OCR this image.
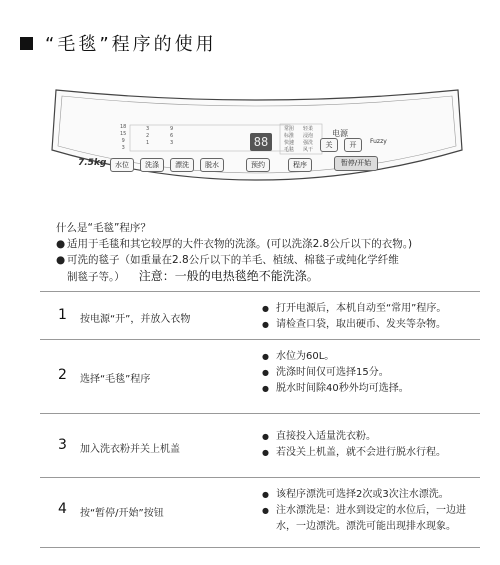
“毛毯”程序的使用
18
15
9
3
3
2
1
9
6
3	88
常用
标准
快速
毛毯
轻柔
浸泡
强洗
风干
电源
关	开	Fuzzy
7.5kg	水位	洗涤	漂洗	脱水	预约	程序	暂停/开始
什么是“毛毯”程序？
● 适用于毛毯和其它较厚的大件衣物的洗涤。(可以洗涤2.8公斤以下的衣物。)
● 可洗的毯子（如重量在2.8公斤以下的羊毛、植绒、棉毯子或纯化学纤维
制毯子等。） 注意：一般的电热毯绝不能洗涤。
1 按电源“开”，并放入衣物
● 打开电源后，本机自动至“常用”程序。
● 请检查口袋，取出硬币、发夹等杂物。
2 选择“毛毯”程序
● 水位为60L。
● 洗涤时间仅可选择15分。
● 脱水时间除40秒外均可选择。
3 加入洗衣粉并关上机盖
● 直接投入适量洗衣粉。
● 若没关上机盖，就不会进行脱水行程。
4 按“暂停/开始”按钮
● 该程序漂洗可选择2次或3次注水漂洗。
● 注水漂洗是：进水到设定的水位后，一边进
水，一边漂洗。漂洗可能出现排水现象。
